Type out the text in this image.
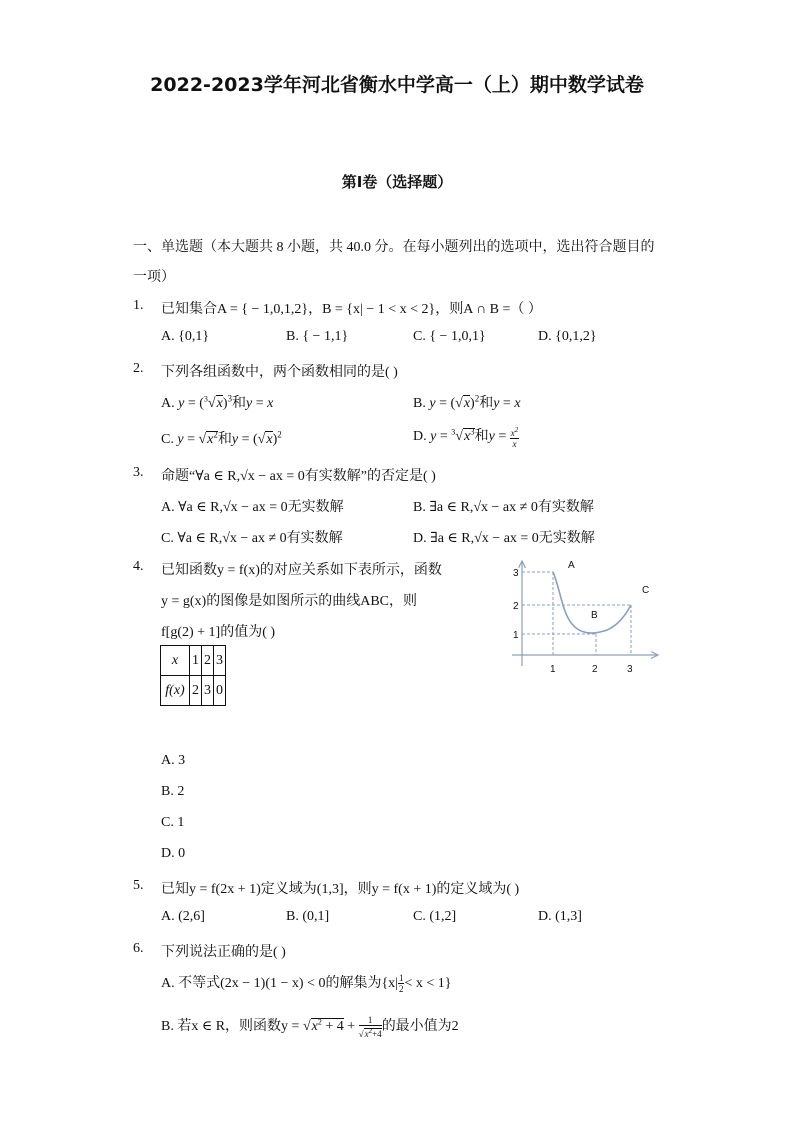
2022-2023学年河北省衡水中学高一（上）期中数学试卷
第I卷（选择题）
一、单选题（本大题共 8 小题，共 40.0 分。在每小题列出的选项中，选出符合题目的
一项）
1. 已知集合A = { − 1,0,1,2}，B = {x| − 1 < x < 2}，则A ∩ B =（ ）
A. {0,1}	B. { − 1,1}	C. { − 1,0,1}	D. {0,1,2}
2. 下列各组函数中，两个函数相同的是( )
A. $y = (^3√x)^3$和y = x	B. $y = (√x)^2$和y = x
C. $y = √x^2$和$y = (√x)^2$	D. $y = ^3√x^3$和$y = \frac{x^2}{x}$
3. 命题“∀a ∈ R,√x − ax = 0有实数解”的否定是( )
A. ∀a ∈ R,√x − ax = 0无实数解	B. ∃a ∈ R,√x − ax ≠ 0有实数解
C. ∀a ∈ R,√x − ax ≠ 0有实数解	D. ∃a ∈ R,√x − ax = 0无实数解
4. 已知函数y = f(x)的对应关系如下表所示，函数
y = g(x)的图像是如图所示的曲线ABC，则
f[g(2) + 1]的值为( )
x	1	2	3
f(x)	2	3	0
3
2
1
1	2	3
A
B
C
A. 3
B. 2
C. 1
D. 0
5. 已知y = f(2x + 1)定义域为(1,3]，则y = f(x + 1)的定义域为( )
A. (2,6]	B. (0,1]	C. (1,2]	D. (1,3]
6. 下列说法正确的是( )
A. 不等式(2x − 1)(1 − x) < 0的解集为$\{x| \frac{1}{2} < x < 1\}$
B. 若x ∈ R，则函数$y = √x^2 + 4 + \frac{1}{√x^2+4}$ 的最小值为2
